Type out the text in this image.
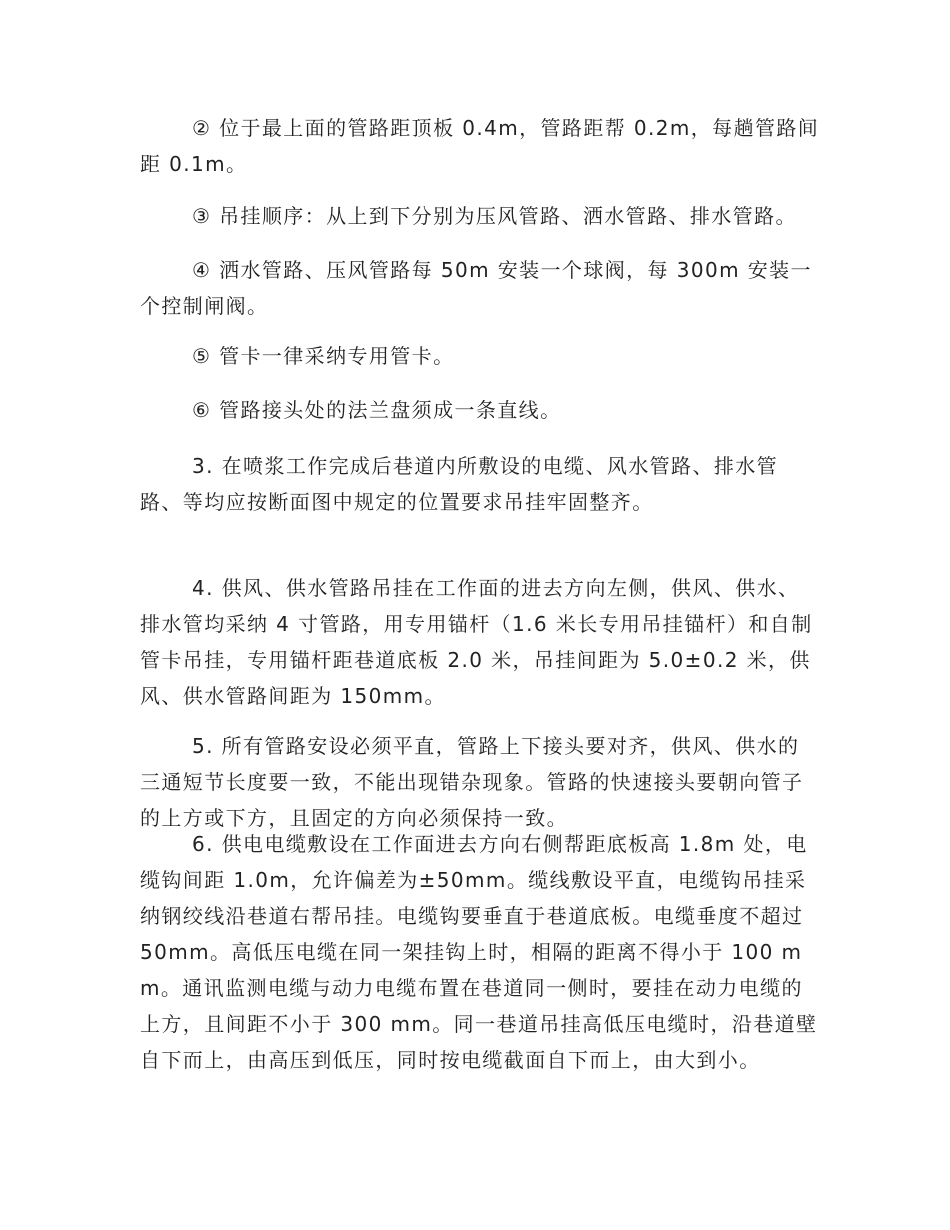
② 位于最上面的管路距顶板 0.4m，管路距帮 0.2m，每趟管路间距 0.1m。

③ 吊挂顺序：从上到下分别为压风管路、洒水管路、排水管路。

④ 洒水管路、压风管路每 50m 安装一个球阀，每 300m 安装一个控制闸阀。

⑤ 管卡一律采纳专用管卡。

⑥ 管路接头处的法兰盘须成一条直线。

3. 在喷浆工作完成后巷道内所敷设的电缆、风水管路、排水管路、等均应按断面图中规定的位置要求吊挂牢固整齐。

4. 供风、供水管路吊挂在工作面的进去方向左侧，供风、供水、排水管均采纳 4 寸管路，用专用锚杆（1.6 米长专用吊挂锚杆）和自制管卡吊挂，专用锚杆距巷道底板 2.0 米，吊挂间距为 5.0±0.2 米，供风、供水管路间距为 150mm。

5. 所有管路安设必须平直，管路上下接头要对齐，供风、供水的三通短节长度要一致，不能出现错杂现象。管路的快速接头要朝向管子的上方或下方，且固定的方向必须保持一致。

6. 供电电缆敷设在工作面进去方向右侧帮距底板高 1.8m 处，电缆钩间距 1.0m，允许偏差为±50mm。缆线敷设平直，电缆钩吊挂采纳钢绞线沿巷道右帮吊挂。电缆钩要垂直于巷道底板。电缆垂度不超过 50mm。高低压电缆在同一架挂钩上时，相隔的距离不得小于 100 mm。通讯监测电缆与动力电缆布置在巷道同一侧时，要挂在动力电缆的上方，且间距不小于 300 mm。同一巷道吊挂高低压电缆时，沿巷道壁自下而上，由高压到低压，同时按电缆截面自下而上，由大到小。
